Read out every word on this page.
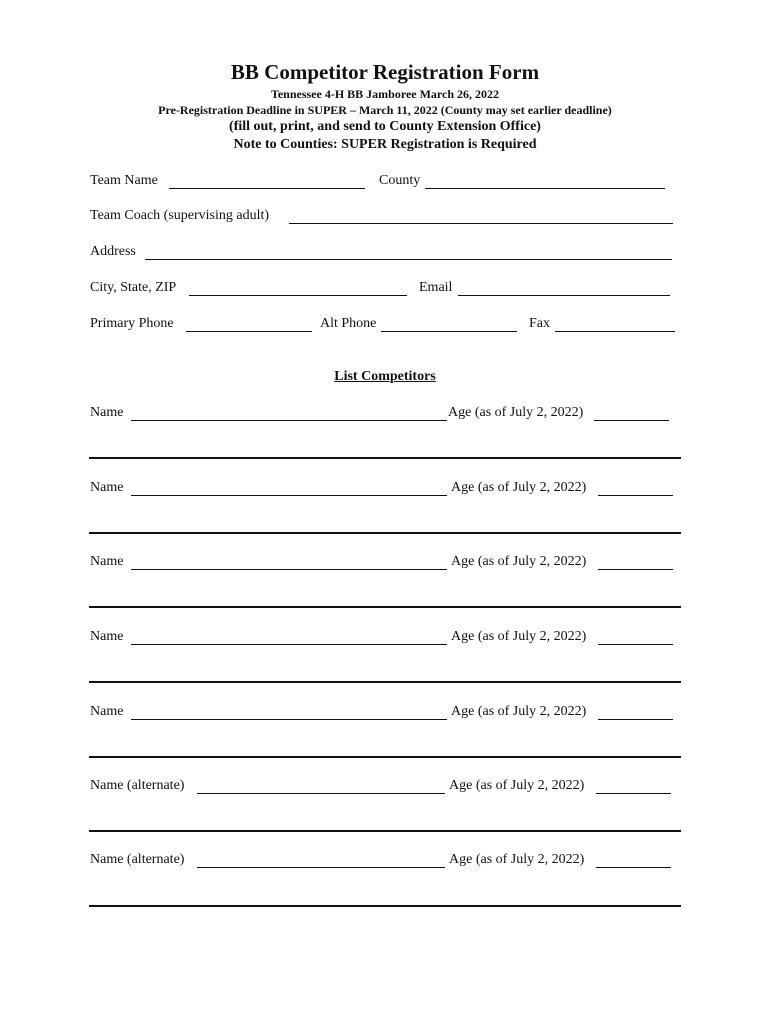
BB Competitor Registration Form
Tennessee 4-H BB Jamboree March 26, 2022
Pre-Registration Deadline in SUPER – March 11, 2022 (County may set earlier deadline)
(fill out, print, and send to County Extension Office)
Note to Counties: SUPER Registration is Required
Team Name	County
Team Coach (supervising adult)
Address
City, State, ZIP	Email
Primary Phone	Alt Phone	Fax
List Competitors
Name	Age (as of July 2, 2022)
Name	Age (as of July 2, 2022)
Name	Age (as of July 2, 2022)
Name	Age (as of July 2, 2022)
Name	Age (as of July 2, 2022)
Name (alternate)	Age (as of July 2, 2022)
Name (alternate)	Age (as of July 2, 2022)
